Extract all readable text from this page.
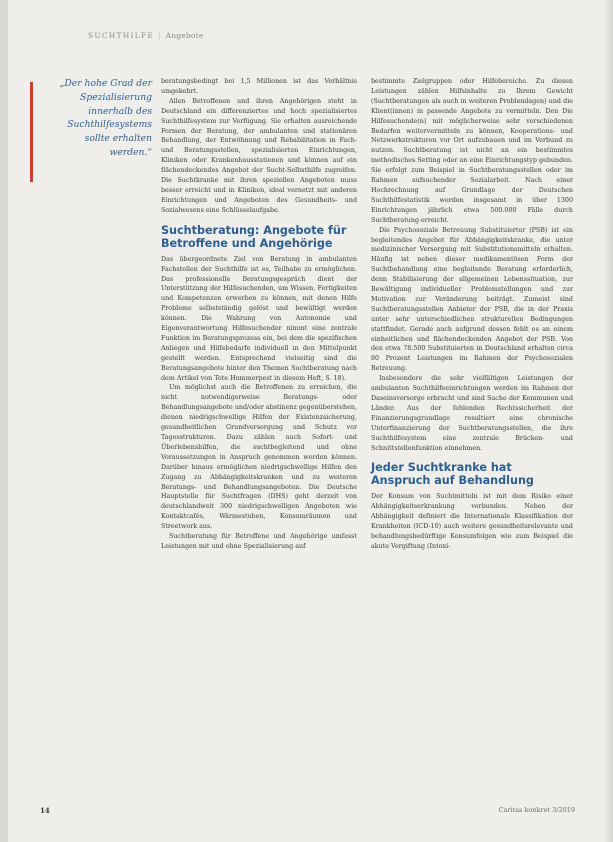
SUCHTHILFE | Angebote
„Der hohe Grad der Spezialisierung innerhalb des Suchthilfesystems sollte erhalten werden.“

beratungsbedingt bei 1,5 Millionen ist das Verhältnis umgekehrt.

Allen Betroffenen und ihren Angehörigen steht in Deutschland ein differenziertes und hoch spezialisiertes Suchthilfesystem zur Verfügung. Sie erhalten ausreichende Formen der Beratung, der ambulanten und stationären Behandlung, der Entwöhnung und Rehabilitation in Fach- und Beratungsstellen, spezialisierten Einrichtungen, Kliniken oder Krankenhausstationen und können auf ein flächendeckendes Angebot der Sucht-Selbsthilfe zugreifen. Die Suchtkranke mit ihren speziellen Angeboten muss besser erreicht und in Kliniken, ideal vernetzt mit anderen Einrichtungen und Angeboten des Gesundheits- und Sozialwesens eine Schlüsselaufgabe.

Suchtberatung: Angebote für Betroffene und Angehörige

Das übergeordnete Ziel von Beratung in ambulanten Fachstellen der Suchthilfe ist es, Teilhabe zu ermöglichen. Das professionelle Beratungsgespräch dient der Unterstützung der Hilfesuchenden, um Wissen, Fertigkeiten und Kompetenzen erwerben zu können, mit denen Hilfe Probleme selbstständig gelöst und bewältigt werden können. Die Wahrung von Autonomie und Eigenverantwortung Hilfesuchender nimmt eine zentrale Funktion im Beratungsprozess ein, bei dem die spezifischen Anliegen und Hilfebedarfe individuell in den Mittelpunkt gestellt werden. Entsprechend vielseitig sind die Beratungsangebote hinter den Themen Suchtberatung nach dem Artikel von Tote Hummerpest in diesem Heft, S. 18).

Um möglichst auch die Betroffenen zu erreichen, die nicht notwendigerweise Beratungs- oder Behandlungsangebote und/oder abstinenz gegenüberstehen, dienen niedrigschwellige Hilfen der Existenzsicherung, gesundheitlichen Grundversorgung und Schutz vor Tagesstrukturen. Dazu zählen auch Sofort- und Überlebenshilfen, die suchtbegleitend und ohne Voraussetzungen in Anspruch genommen werden können. Darüber hinaus ermöglichen niedrigschwellige Hilfen den Zugang zu Abhängigkeitskranken und zu weiteren Beratungs- und Behandlungsangeboten. Die Deutsche Hauptstelle für Suchtfragen (DHS) geht derzeit von deutschlandweit 300 niedrigschwelligen Angeboten wie Kontaktcafés, Wärmestuben, Konsumräumen und Streetwork aus.

Suchtberatung für Betroffene und Angehörige umfasst Leistungen mit und ohne Spezialisierung auf

bestimmte Zielgruppen oder Hilfebereiche. Zu diesen Leistungen zählen Hilfsinhalte zu Ihrem Gewicht (Suchtberatungen als auch in weiteren Problemlagen) und die Klient(innen) in passende Angebote zu vermitteln. Den Die Hilfesuchende(n) mit möglicherweise sehr verschiedenen Bedarfen weitervermitteln zu können, Kooperations- und Netzwerkstrukturen vor Ort aufzubauen und im Verbund zu nutzen. Suchtberatung ist nicht an ein bestimmtes methodisches Setting oder an eine Einrichtungstyp gebunden. Sie erfolgt zum Beispiel in Suchtberatungsstellen oder im Rahmen aufsuchender Sozialarbeit. Nach einer Hochrechnung auf Grundlage der Deutschen Suchthilfestatistik werden insgesamt in über 1300 Einrichtungen jährlich etwa 500.000 Fälle durch Suchtberatung erreicht.

Die Psychosoziale Betreuung Substituierter (PSB) ist ein begleitendes Angebot für Abhängigkeitskranke, die unter medizinischer Versorgung mit Substitutionsmitteln erhalten. Häufig ist neben dieser medikamentösen Form der Suchtbehandlung eine begleitende Beratung erforderlich, denn Stabilisierung der allgemeinen Lebenssituation, zur Bewältigung individueller Problemstellungen und zur Motivation zur Veränderung beiträgt. Zumeist sind Suchtberatungsstellen Anbieter der PSB, die in der Praxis unter sehr unterschiedlichen strukturellen Bedingungen stattfindet. Gerade auch aufgrund dessen fehlt es an einem einheitlichen und flächendeckenden Angebot der PSB. Von den etwa 78.500 Substituierten in Deutschland erhalten circa 80 Prozent Leistungen im Rahmen der Psychosozialen Betreuung.

Insbesondere die sehr vielfältigen Leistungen der ambulanten Suchthilfeeinrichtungen werden im Rahmen der Daseinsvorsorge erbracht und sind Sache der Kommunen und Länder. Aus der fehlenden Rechtssicherheit der Finanzierungsgrundlage resultiert eine chronische Unterfinanzierung der Suchtberatungsstellen, die ihre Suchthilfesystem eine zentrale Brücken- und Schnittstellenfunktion einnehmen.

Jeder Suchtkranke hat Anspruch auf Behandlung

Der Konsum von Suchtmitteln ist mit dem Risiko einer Abhängigkeitserkrankung verbunden. Neben der Abhängigkeit definiert die Internationale Klassifikation der Krankheiten (ICD-10) auch weitere gesundheitsrelevante und behandlungsbedürftige Konsumfolgen wie zum Beispiel die akute Vergiftung (Intoxi-

14	Caritas konkret 3/2019
